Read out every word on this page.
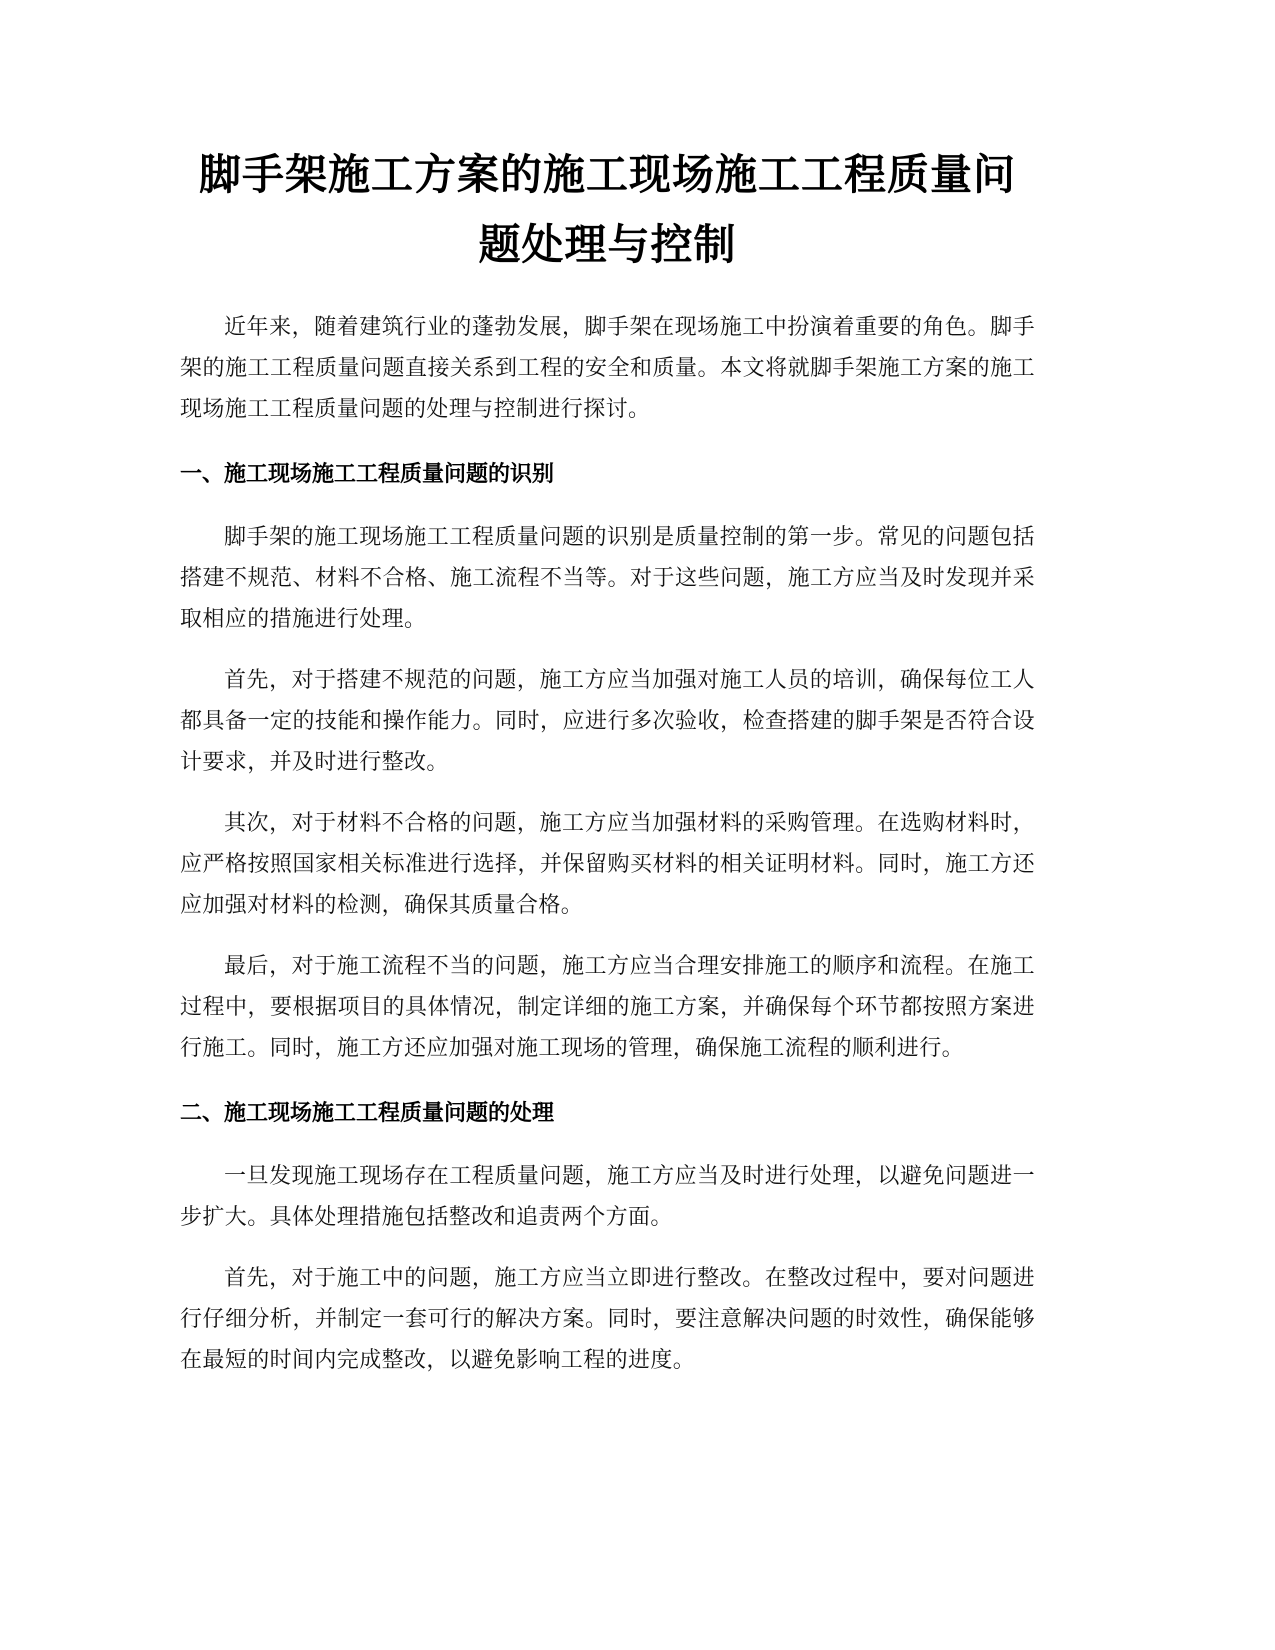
脚手架施工方案的施工现场施工工程质量问
题处理与控制

近年来，随着建筑行业的蓬勃发展，脚手架在现场施工中扮演着重要的角色。脚手架的施工工程质量问题直接关系到工程的安全和质量。本文将就脚手架施工方案的施工现场施工工程质量问题的处理与控制进行探讨。

一、施工现场施工工程质量问题的识别

脚手架的施工现场施工工程质量问题的识别是质量控制的第一步。常见的问题包括搭建不规范、材料不合格、施工流程不当等。对于这些问题，施工方应当及时发现并采取相应的措施进行处理。

首先，对于搭建不规范的问题，施工方应当加强对施工人员的培训，确保每位工人都具备一定的技能和操作能力。同时，应进行多次验收，检查搭建的脚手架是否符合设计要求，并及时进行整改。

其次，对于材料不合格的问题，施工方应当加强材料的采购管理。在选购材料时，应严格按照国家相关标准进行选择，并保留购买材料的相关证明材料。同时，施工方还应加强对材料的检测，确保其质量合格。

最后，对于施工流程不当的问题，施工方应当合理安排施工的顺序和流程。在施工过程中，要根据项目的具体情况，制定详细的施工方案，并确保每个环节都按照方案进行施工。同时，施工方还应加强对施工现场的管理，确保施工流程的顺利进行。

二、施工现场施工工程质量问题的处理

一旦发现施工现场存在工程质量问题，施工方应当及时进行处理，以避免问题进一步扩大。具体处理措施包括整改和追责两个方面。

首先，对于施工中的问题，施工方应当立即进行整改。在整改过程中，要对问题进行仔细分析，并制定一套可行的解决方案。同时，要注意解决问题的时效性，确保能够在最短的时间内完成整改，以避免影响工程的进度。
